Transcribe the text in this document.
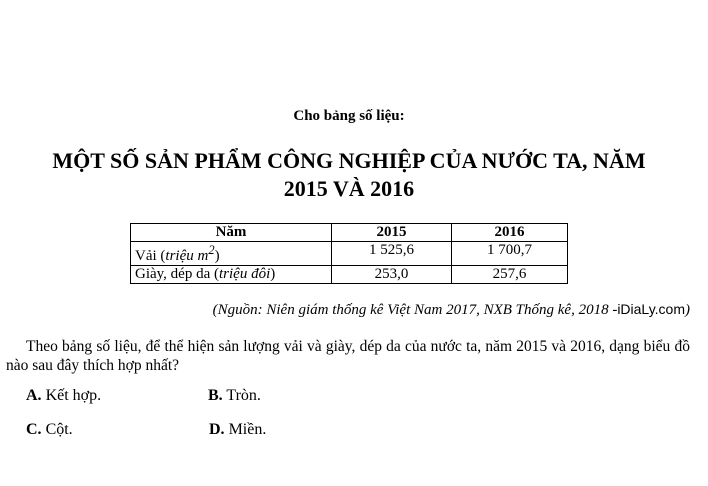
Cho bảng số liệu:
MỘT SỐ SẢN PHẨM CÔNG NGHIỆP CỦA NƯỚC TA, NĂM
2015 VÀ 2016
Năm	2015	2016
Vải (triệu $m^2$)	1 525,6	1 700,7
Giày, dép da (triệu đôi)	253,0	257,6
(Nguồn: Niên giám thống kê Việt Nam 2017, NXB Thống kê, 2018 -iDiaLy.com)
Theo bảng số liệu, để thể hiện sản lượng vải và giày, dép da của nước ta, năm 2015 và 2016, dạng biểu đồ nào sau đây thích hợp nhất?
A. Kết hợp.	B. Tròn.
C. Cột.	D. Miền.
